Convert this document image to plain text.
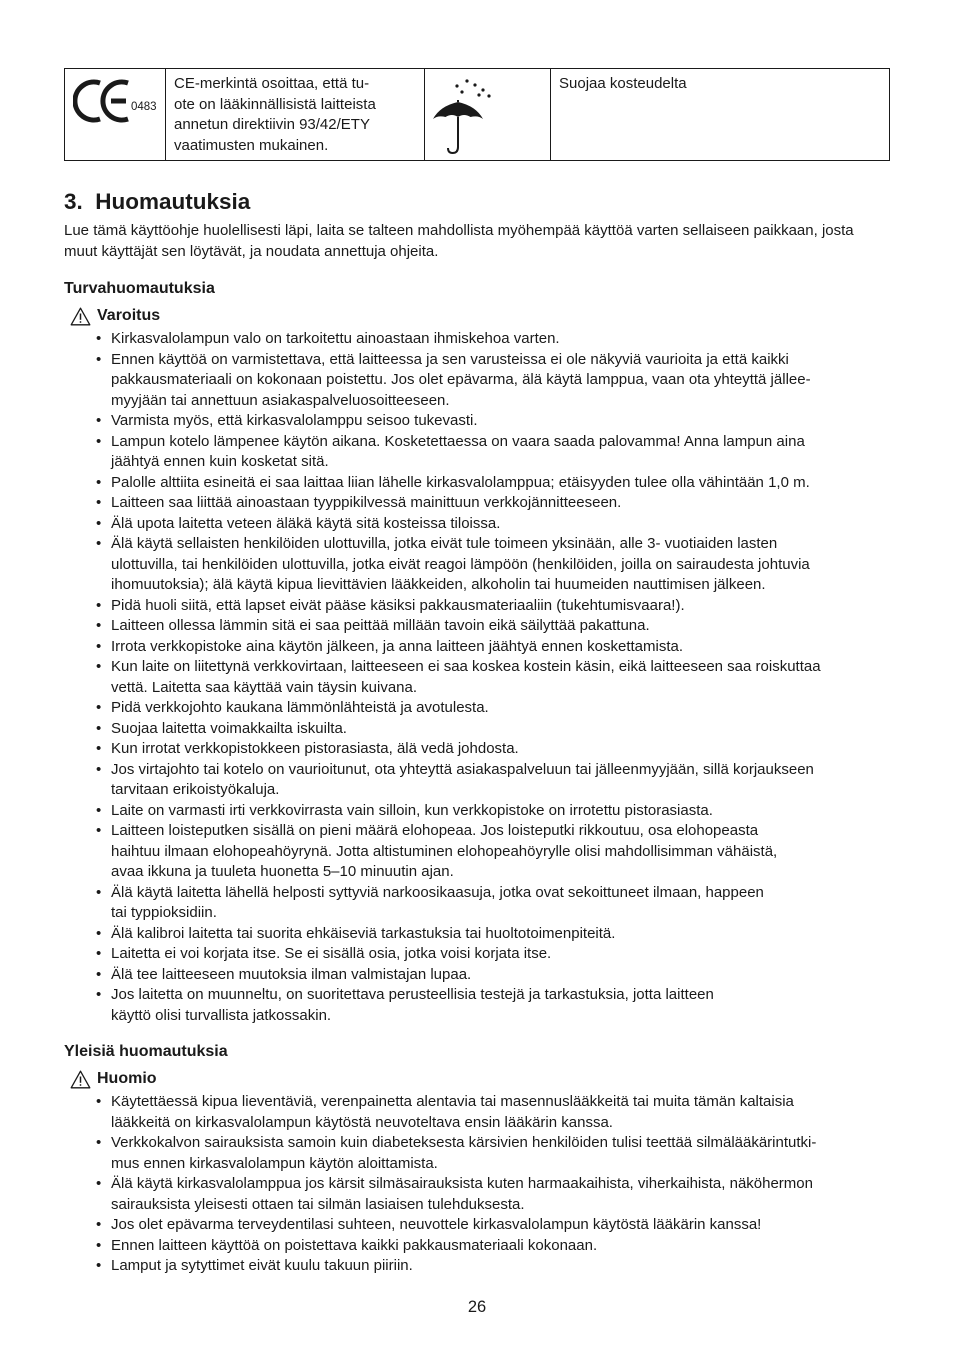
0483
	CE-merkintä osoittaa, että tu-
ote on lääkinnällisistä laitteista
annetun direktiivin 93/42/ETY
vaatimusten mukainen.	
	Suojaa kosteudelta
3.  Huomautuksia

Lue tämä käyttöohje huolellisesti läpi, laita se talteen mahdollista myöhempää käyttöä varten sellaiseen paikkaan, josta muut käyttäjät sen löytävät, ja noudata annettuja ohjeita.

Turvahuomautuksia
Varoitus
• Kirkasvalolampun valo on tarkoitettu ainoastaan ihmiskehoa varten.
• Ennen käyttöä on varmistettava, että laitteessa ja sen varusteissa ei ole näkyviä vaurioita ja että kaikki
pakkausmateriaali on kokonaan poistettu. Jos olet epävarma, älä käytä lamppua, vaan ota yhteyttä jällee-
myyjään tai annettuun asiakaspalveluosoitteeseen.
• Varmista myös, että kirkasvalolamppu seisoo tukevasti.
• Lampun kotelo lämpenee käytön aikana. Kosketettaessa on vaara saada palovamma! Anna lampun aina
jäähtyä ennen kuin kosketat sitä.
• Palolle alttiita esineitä ei saa laittaa liian lähelle kirkasvalolamppua; etäisyyden tulee olla vähintään 1,0 m.
• Laitteen saa liittää ainoastaan tyyppikilvessä mainittuun verkkojännitteeseen.
• Älä upota laitetta veteen äläkä käytä sitä kosteissa tiloissa.
• Älä käytä sellaisten henkilöiden ulottuvilla, jotka eivät tule toimeen yksinään, alle 3- vuotiaiden lasten
ulottuvilla, tai henkilöiden ulottuvilla, jotka eivät reagoi lämpöön (henkilöiden, joilla on sairaudesta johtuvia
ihomuutoksia); älä käytä kipua lievittävien lääkkeiden, alkoholin tai huumeiden nauttimisen jälkeen.
• Pidä huoli siitä, että lapset eivät pääse käsiksi pakkausmateriaaliin (tukehtumisvaara!).
• Laitteen ollessa lämmin sitä ei saa peittää millään tavoin eikä säilyttää pakattuna.
• Irrota verkkopistoke aina käytön jälkeen, ja anna laitteen jäähtyä ennen koskettamista.
• Kun laite on liitettynä verkkovirtaan, laitteeseen ei saa koskea kostein käsin, eikä laitteeseen saa roiskuttaa
vettä. Laitetta saa käyttää vain täysin kuivana.
• Pidä verkkojohto kaukana lämmönlähteistä ja avotulesta.
• Suojaa laitetta voimakkailta iskuilta.
• Kun irrotat verkkopistokkeen pistorasiasta, älä vedä johdosta.
• Jos virtajohto tai kotelo on vaurioitunut, ota yhteyttä asiakaspalveluun tai jälleenmyyjään, sillä korjaukseen
tarvitaan erikoistyökaluja.
• Laite on varmasti irti verkkovirrasta vain silloin, kun verkkopistoke on irrotettu pistorasiasta.
• Laitteen loisteputken sisällä on pieni määrä elohopeaa. Jos loisteputki rikkoutuu, osa elohopeasta
haihtuu ilmaan elohopeahöyrynä. Jotta altistuminen elohopeahöyrylle olisi mahdollisimman vähäistä,
avaa ikkuna ja tuuleta huonetta 5–10 minuutin ajan.
• Älä käytä laitetta lähellä helposti syttyviä narkoosikaasuja, jotka ovat sekoittuneet ilmaan, happeen
tai typpioksidiin.
• Älä kalibroi laitetta tai suorita ehkäiseviä tarkastuksia tai huoltotoimenpiteitä.
• Laitetta ei voi korjata itse. Se ei sisällä osia, jotka voisi korjata itse.
• Älä tee laitteeseen muutoksia ilman valmistajan lupaa.
• Jos laitetta on muunneltu, on suoritettava perusteellisia testejä ja tarkastuksia, jotta laitteen
käyttö olisi turvallista jatkossakin.
Yleisiä huomautuksia
Huomio
• Käytettäessä kipua lieventäviä, verenpainetta alentavia tai masennuslääkkeitä tai muita tämän kaltaisia
lääkkeitä on kirkasvalolampun käytöstä neuvoteltava ensin lääkärin kanssa.
• Verkkokalvon sairauksista samoin kuin diabeteksesta kärsivien henkilöiden tulisi teettää silmälääkärintutki-
mus ennen kirkasvalolampun käytön aloittamista.
• Älä käytä kirkasvalolamppua jos kärsit silmäsairauksista kuten harmaakaihista, viherkaihista, näköhermon
sairauksista yleisesti ottaen tai silmän lasiaisen tulehduksesta.
• Jos olet epävarma terveydentilasi suhteen, neuvottele kirkasvalolampun käytöstä lääkärin kanssa!
• Ennen laitteen käyttöä on poistettava kaikki pakkausmateriaali kokonaan.
• Lamput ja sytyttimet eivät kuulu takuun piiriin.
26
